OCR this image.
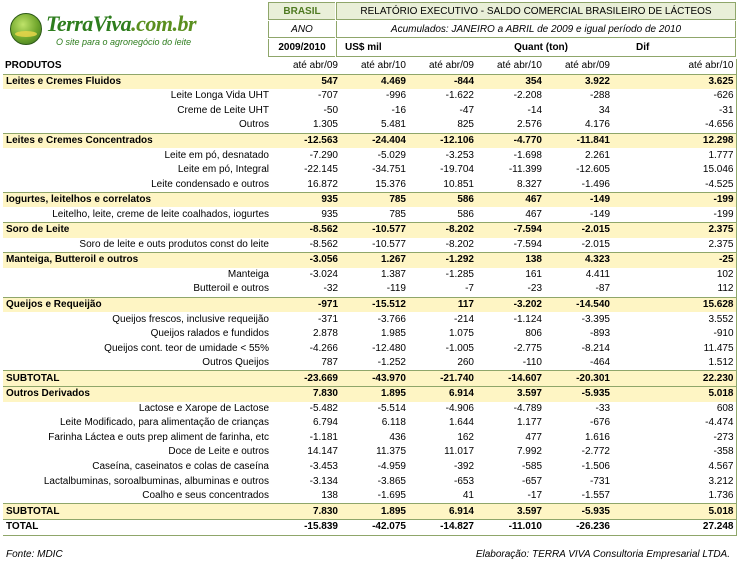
TerraViva.com.br
O site para o agronegócio do leite
BRASIL	RELATÓRIO EXECUTIVO - SALDO COMERCIAL BRASILEIRO DE LÁCTEOS
ANO	Acumulados: JANEIRO a ABRIL de 2009 e igual período de 2010
2009/2010	US$ mil	Quant (ton)	Dif
PRODUTOS	até abr/09	até abr/10	até abr/09	até abr/10	até abr/09	até abr/10
Leites e Cremes Fluidos	547	4.469	-844	354	3.922	3.625
Leite Longa Vida UHT	-707	-996	-1.622	-2.208	-288	-626
Creme de Leite UHT	-50	-16	-47	-14	34	-31
Outros	1.305	5.481	825	2.576	4.176	-4.656
Leites e Cremes Concentrados	-12.563	-24.404	-12.106	-4.770	-11.841	12.298
Leite em pó, desnatado	-7.290	-5.029	-3.253	-1.698	2.261	1.777
Leite em pó, Integral	-22.145	-34.751	-19.704	-11.399	-12.605	15.046
Leite condensado e outros	16.872	15.376	10.851	8.327	-1.496	-4.525
Iogurtes, leitelhos e correlatos	935	785	586	467	-149	-199
Leitelho, leite, creme de leite coalhados, iogurtes	935	785	586	467	-149	-199
Soro de Leite	-8.562	-10.577	-8.202	-7.594	-2.015	2.375
Soro de leite e outs produtos const do leite	-8.562	-10.577	-8.202	-7.594	-2.015	2.375
Manteiga, Butteroil e outros	-3.056	1.267	-1.292	138	4.323	-25
Manteiga	-3.024	1.387	-1.285	161	4.411	102
Butteroil e outros	-32	-119	-7	-23	-87	112
Queijos e Requeijão	-971	-15.512	117	-3.202	-14.540	15.628
Queijos frescos, inclusive requeijão	-371	-3.766	-214	-1.124	-3.395	3.552
Queijos ralados e fundidos	2.878	1.985	1.075	806	-893	-910
Queijos cont. teor de umidade < 55%	-4.266	-12.480	-1.005	-2.775	-8.214	11.475
Outros Queijos	787	-1.252	260	-110	-464	1.512
SUBTOTAL	-23.669	-43.970	-21.740	-14.607	-20.301	22.230
Outros Derivados	7.830	1.895	6.914	3.597	-5.935	5.018
Lactose e Xarope de Lactose	-5.482	-5.514	-4.906	-4.789	-33	608
Leite Modificado, para alimentação de crianças	6.794	6.118	1.644	1.177	-676	-4.474
Farinha Láctea e outs prep aliment de farinha, etc	-1.181	436	162	477	1.616	-273
Doce de Leite e outros	14.147	11.375	11.017	7.992	-2.772	-358
Caseína, caseinatos e colas de caseína	-3.453	-4.959	-392	-585	-1.506	4.567
Lactalbuminas, soroalbuminas, albuminas e outros	-3.134	-3.865	-653	-657	-731	3.212
Coalho e seus concentrados	138	-1.695	41	-17	-1.557	1.736
SUBTOTAL	7.830	1.895	6.914	3.597	-5.935	5.018
TOTAL	-15.839	-42.075	-14.827	-11.010	-26.236	27.248
Fonte: MDIC	Elaboração: TERRA VIVA Consultoria Empresarial LTDA.
